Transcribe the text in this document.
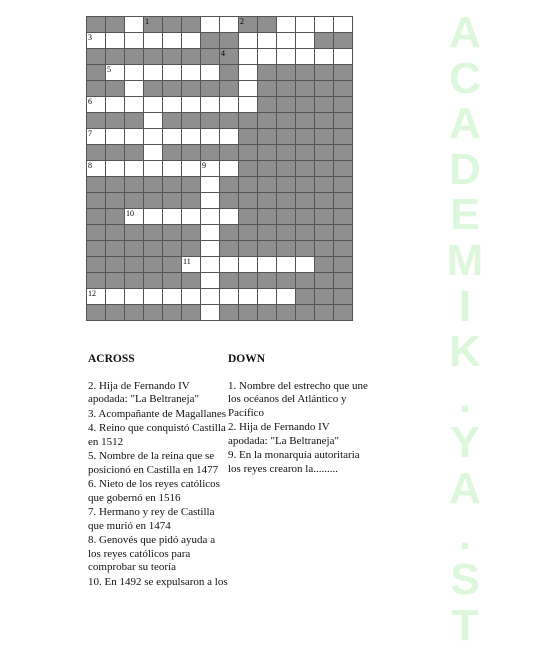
A
C
A
D
E
M
I
K
.
Y
A
.
S
T

			1					2					

3													

							4						

	5												

6													

7													

8						9							

		10											

					11								

12													

ACROSS
2. Hija de Fernando IV apodada: "La Beltraneja"
3. Acompañante de Magallanes
4. Reino que conquistó Castilla en 1512
5. Nombre de la reina que se posicionó en Castilla en 1477
6. Nieto de los reyes católicos que gobernó en 1516
7. Hermano y rey de Castilla que murió en 1474
8. Genovés que pidó ayuda a los reyes católicos para comprobar su teoría
10. En 1492 se expulsaron a los
DOWN
1. Nombre del estrecho que une los océanos del Atlántico y Pacífico
2. Hija de Fernando IV apodada: "La Beltraneja"
9. En la monarquía autoritaria los reyes crearon la.........
